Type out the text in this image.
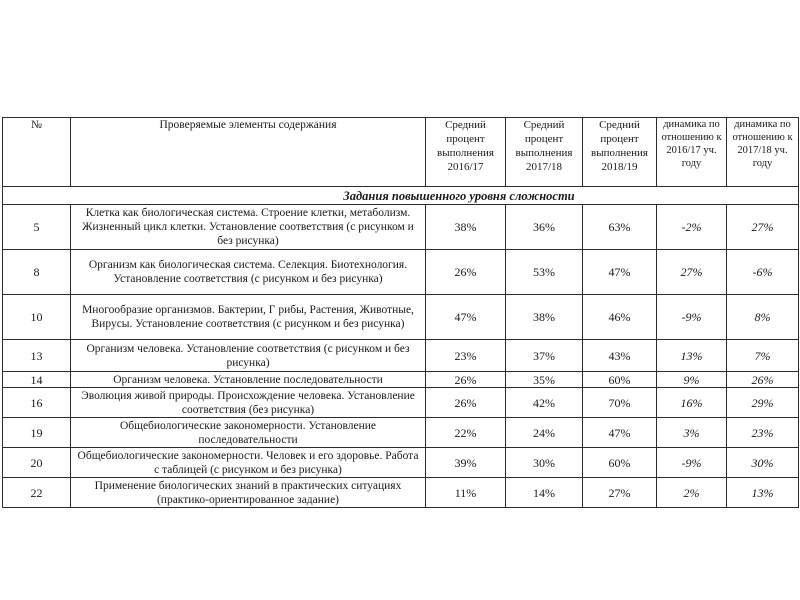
№	Проверяемые элементы содержания	Средний процент выполнения 2016/17	Средний процент выполнения 2017/18	Средний процент выполнения 2018/19	динамика по отношению к 2016/17 уч. году	динамика по отношению к 2017/18 уч. году
Задания повышенного уровня сложности						
5	Клетка как биологическая система. Строение клетки, метаболизм. Жизненный цикл клетки. Установление соответствия (с рисунком и без рисунка)	38%	36%	63%	-2%	27%
8	Организм как биологическая система. Селекция. Биотехнология. Установление соответствия (с рисунком и без рисунка)	26%	53%	47%	27%	-6%
10	Многообразие организмов. Бактерии, Г рибы, Растения, Животные, Вирусы. Установление соответствия (с рисунком и без рисунка)	47%	38%	46%	-9%	8%
13	Организм человека. Установление соответствия (с рисунком и без рисунка)	23%	37%	43%	13%	7%
14	Организм человека. Установление последовательности	26%	35%	60%	9%	26%
16	Эволюция живой природы. Происхождение человека. Установление соответствия (без рисунка)	26%	42%	70%	16%	29%
19	Общебиологические закономерности. Установление последовательности	22%	24%	47%	3%	23%
20	Общебиологические закономерности. Человек и его здоровье. Работа с таблицей (с рисунком и без рисунка)	39%	30%	60%	-9%	30%
22	Применение биологических знаний в практических ситуациях (практико-ориентированное задание)	11%	14%	27%	2%	13%
